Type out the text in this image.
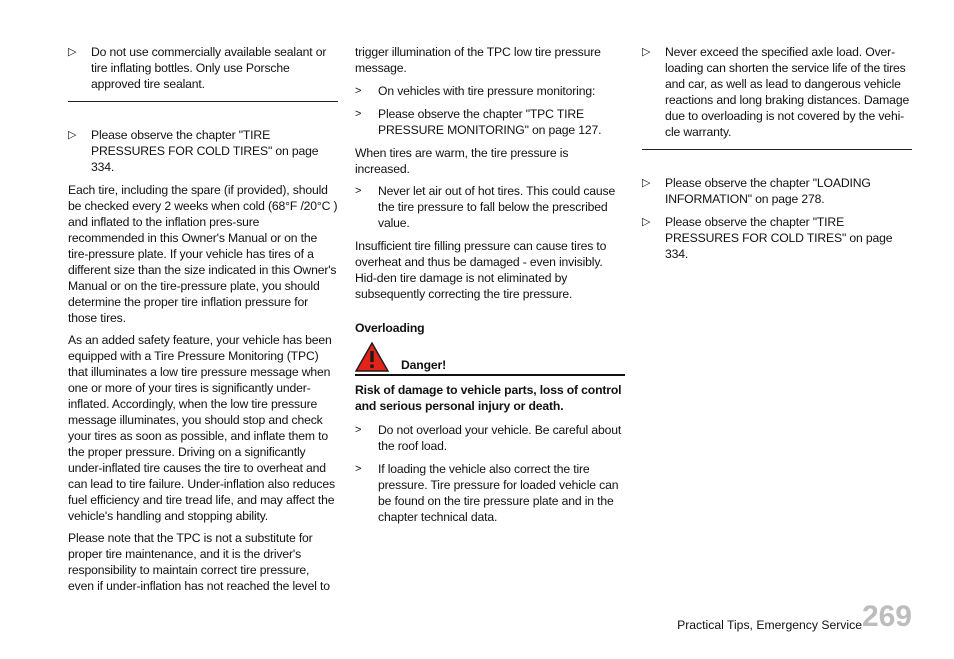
▷ Do not use commercially available sealant or tire inflating bottles. Only use Porsche approved tire sealant.
▷ Please observe the chapter "TIRE PRESSURES FOR COLD TIRES" on page 334.

Each tire, including the spare (if provided), should be checked every 2 weeks when cold (68°F /20°C ) and inflated to the inflation pres-sure recommended in this Owner's Manual or on the tire-pressure plate. If your vehicle has tires of a different size than the size indicated in this Owner's Manual or on the tire-pressure plate, you should determine the proper tire inflation pressure for those tires.

As an added safety feature, your vehicle has been equipped with a Tire Pressure Monitoring (TPC) that illuminates a low tire pressure message when one or more of your tires is significantly under-inflated. Accordingly, when the low tire pressure message illuminates, you should stop and check your tires as soon as possible, and inflate them to the proper pressure. Driving on a significantly under-inflated tire causes the tire to overheat and can lead to tire failure. Under-inflation also reduces fuel efficiency and tire tread life, and may affect the vehicle's handling and stopping ability.

Please note that the TPC is not a substitute for proper tire maintenance, and it is the driver's responsibility to maintain correct tire pressure, even if under-inflation has not reached the level to

trigger illumination of the TPC low tire pressure message.

> On vehicles with tire pressure monitoring:
> Please observe the chapter "TPC TIRE PRESSURE MONITORING" on page 127.

When tires are warm, the tire pressure is increased.

> Never let air out of hot tires. This could cause the tire pressure to fall below the prescribed value.

Insufficient tire filling pressure can cause tires to overheat and thus be damaged - even invisibly. Hid-den tire damage is not eliminated by subsequently correcting the tire pressure.

Overloading
Danger!

Risk of damage to vehicle parts, loss of control and serious personal injury or death.

> Do not overload your vehicle. Be careful about the roof load.
> If loading the vehicle also correct the tire pressure. Tire pressure for loaded vehicle can be found on the tire pressure plate and in the chapter technical data.
▷ Never exceed the specified axle load. Over-loading can shorten the service life of the tires and car, as well as lead to dangerous vehicle reactions and long braking distances. Damage due to overloading is not covered by the vehi-cle warranty.
▷ Please observe the chapter "LOADING INFORMATION" on page 278.
▷ Please observe the chapter "TIRE PRESSURES FOR COLD TIRES" on page 334.
Practical Tips, Emergency Service 269
